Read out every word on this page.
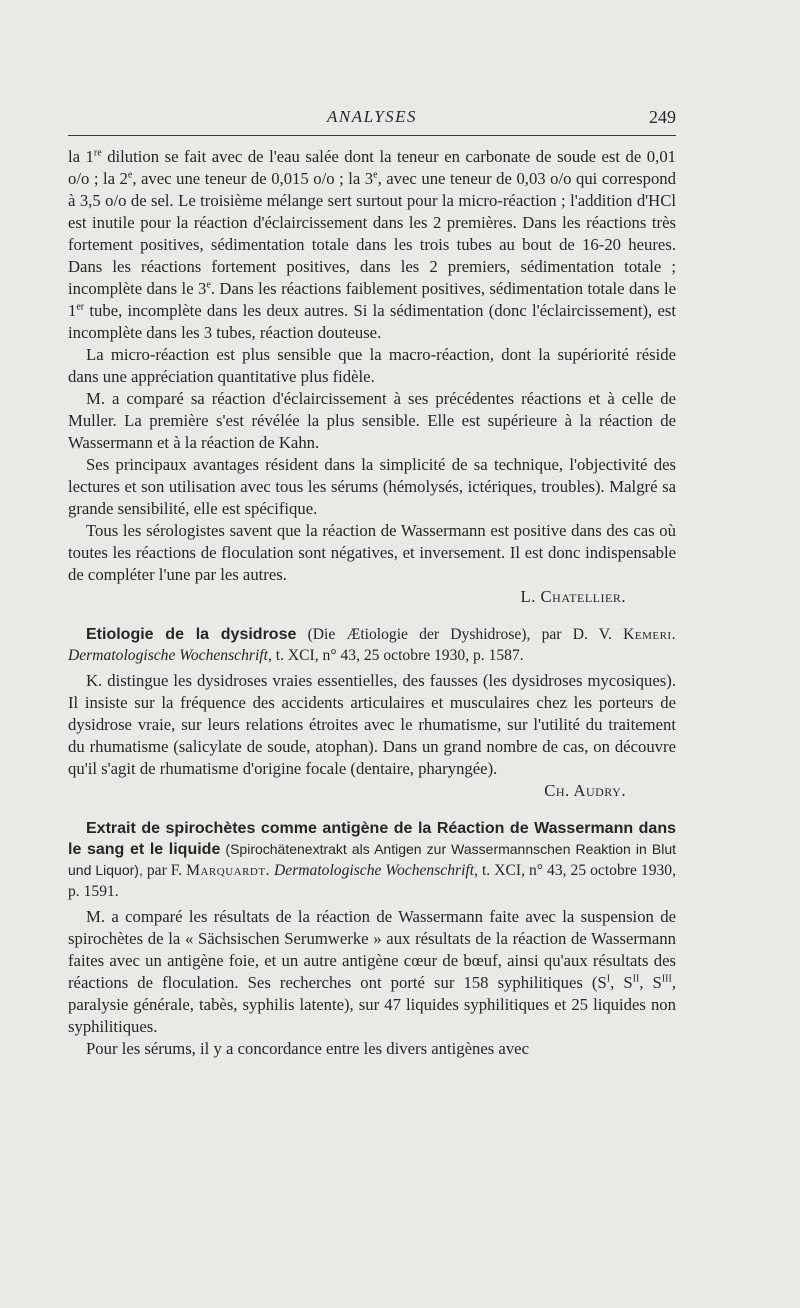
ANALYSES	249

la 1re dilution se fait avec de l'eau salée dont la teneur en carbonate de soude est de 0,01 o/o ; la 2e, avec une teneur de 0,015 o/o ; la 3e, avec une teneur de 0,03 o/o qui correspond à 3,5 o/o de sel. Le troisième mélange sert surtout pour la micro-réaction ; l'addition d'HCl est inutile pour la réaction d'éclaircissement dans les 2 premières. Dans les réactions très fortement positives, sédimentation totale dans les trois tubes au bout de 16-20 heures. Dans les réactions fortement positives, dans les 2 premiers, sédimentation totale ; incomplète dans le 3e. Dans les réactions faiblement positives, sédimentation totale dans le 1er tube, incomplète dans les deux autres. Si la sédimentation (donc l'éclaircissement), est incomplète dans les 3 tubes, réaction douteuse.

La micro-réaction est plus sensible que la macro-réaction, dont la supériorité réside dans une appréciation quantitative plus fidèle.

M. a comparé sa réaction d'éclaircissement à ses précédentes réactions et à celle de Muller. La première s'est révélée la plus sensible. Elle est supérieure à la réaction de Wassermann et à la réaction de Kahn.

Ses principaux avantages résident dans la simplicité de sa technique, l'objectivité des lectures et son utilisation avec tous les sérums (hémolysés, ictériques, troubles). Malgré sa grande sensibilité, elle est spécifique.

Tous les sérologistes savent que la réaction de Wassermann est positive dans des cas où toutes les réactions de floculation sont négatives, et inversement. Il est donc indispensable de compléter l'une par les autres.

L. Chatellier.

Etiologie de la dysidrose (Die Ætiologie der Dyshidrose), par D. V. Kemeri. Dermatologische Wochenschrift, t. XCI, n° 43, 25 octobre 1930, p. 1587.

K. distingue les dysidroses vraies essentielles, des fausses (les dysidroses mycosiques). Il insiste sur la fréquence des accidents articulaires et musculaires chez les porteurs de dysidrose vraie, sur leurs relations étroites avec le rhumatisme, sur l'utilité du traitement du rhumatisme (salicylate de soude, atophan). Dans un grand nombre de cas, on découvre qu'il s'agit de rhumatisme d'origine focale (dentaire, pharyngée).

Ch. Audry.

Extrait de spirochètes comme antigène de la Réaction de Wassermann dans le sang et le liquide (Spirochätenextrakt als Antigen zur Wassermannschen Reaktion in Blut und Liquor), par F. Marquardt. Dermatologische Wochenschrift, t. XCI, n° 43, 25 octobre 1930, p. 1591.

M. a comparé les résultats de la réaction de Wassermann faite avec la suspension de spirochètes de la « Sächsischen Serumwerke » aux résultats de la réaction de Wassermann faites avec un antigène foie, et un autre antigène cœur de bœuf, ainsi qu'aux résultats des réactions de floculation. Ses recherches ont porté sur 158 syphilitiques ($S^I$, $S^{II}$, $S^{III}$, paralysie générale, tabès, syphilis latente), sur 47 liquides syphilitiques et 25 liquides non syphilitiques.

Pour les sérums, il y a concordance entre les divers antigènes avec
